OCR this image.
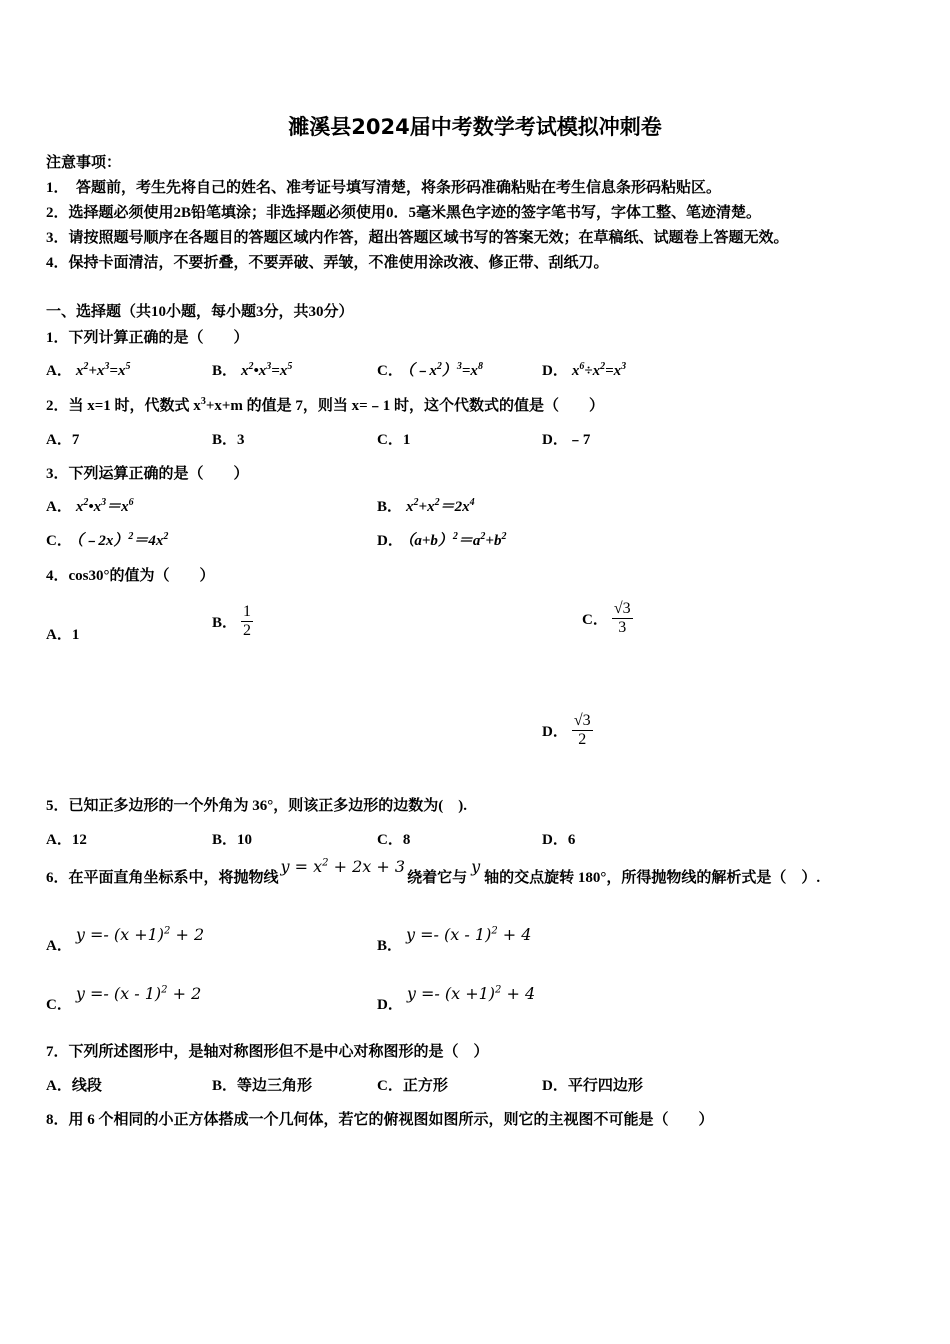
濉溪县2024届中考数学考试模拟冲刺卷
注意事项：
1．　答题前，考生先将自己的姓名、准考证号填写清楚，将条形码准确粘贴在考生信息条形码粘贴区。
2．选择题必须使用2B铅笔填涂；非选择题必须使用0．5毫米黑色字迹的签字笔书写，字体工整、笔迹清楚。
3．请按照题号顺序在各题目的答题区域内作答，超出答题区域书写的答案无效；在草稿纸、试题卷上答题无效。
4．保持卡面清洁，不要折叠，不要弄破、弄皱，不准使用涂改液、修正带、刮纸刀。
一、选择题（共10小题，每小题3分，共30分）
1．下列计算正确的是（　　）
A． $x^2+x^3=x^5$	B． $x^2•x^3=x^5$	C． $(﹣x^2)^3=x^8$	D． $x^6\div x^2=x^3$
2．当 x=1 时，代数式 $x^3+x+m$ 的值是 7，则当 x=﹣1 时，这个代数式的值是（　　）
A．7	B．3	C．1	D．﹣7
3．下列运算正确的是（　　）
A． $x^2•x^3=x^6$	B． $x^2+x^2=2x^4$
C． $(﹣2x)^2=4x^2$	D． $(a+b)^2=a^2+b^2$
4．cos30°的值为（　　）
A．1
B． $\frac{1}{2}$	C． $\frac{√3}{3}$
D． $\frac{√3}{2}$
5．已知正多边形的一个外角为 36°，则该正多边形的边数为(　).
A．12	B．10	C．8	D．6
6．在平面直角坐标系中，将抛物线$y = x^2 + 2x + 3$绕着它与y轴的交点旋转 180°，所得抛物线的解析式是（　）.
A．$y =- (x +1)^2 + 2$
B．y =- (x - 1)$^2$ + 4
C．y =- (x - 1)$^2$ + 2
D．$y =- (x +1)^2 + 4$
7．下列所述图形中，是轴对称图形但不是中心对称图形的是（　）
A．线段	B．等边三角形	C．正方形	D．平行四边形
8．用 6 个相同的小正方体搭成一个几何体，若它的俯视图如图所示，则它的主视图不可能是（　　）
